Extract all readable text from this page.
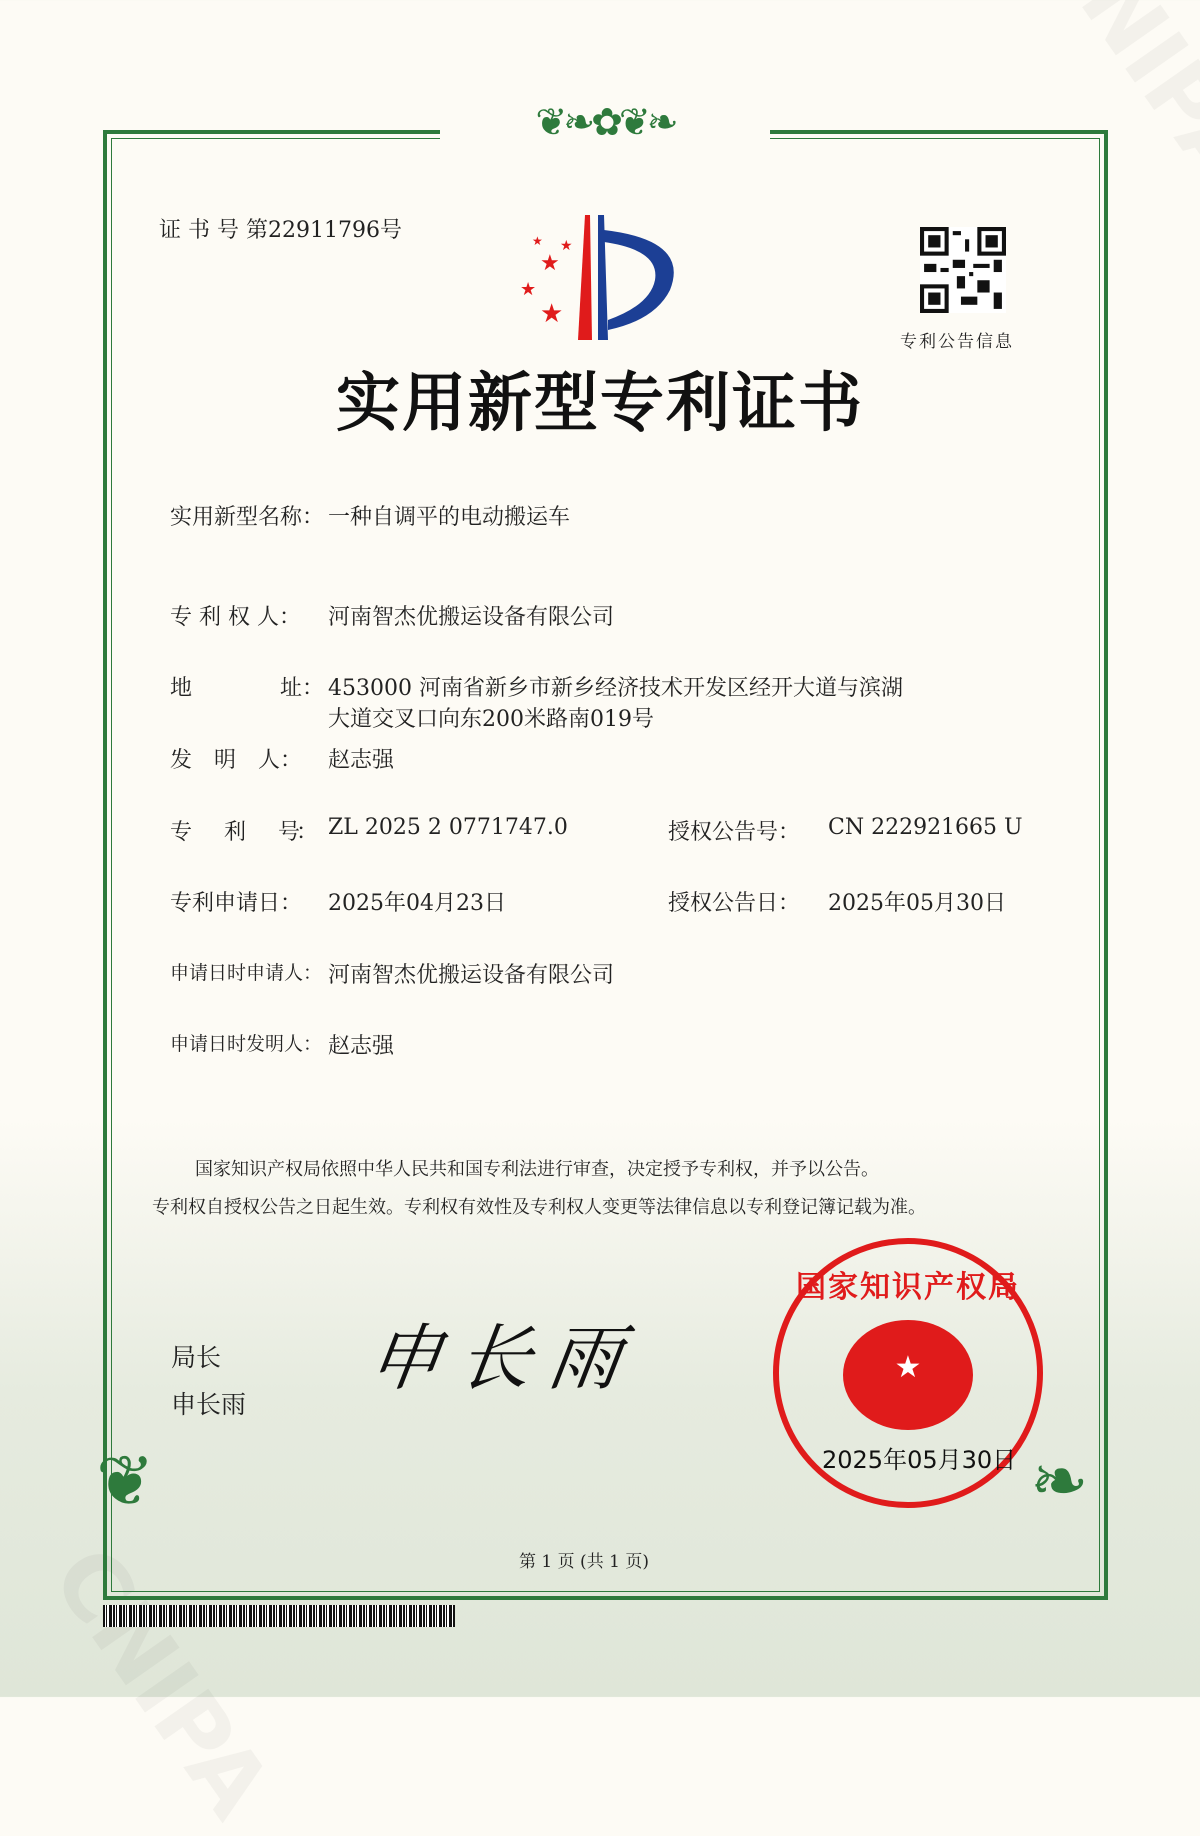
❦❧✿❦❧
❦	❧
证 书 号 第22911796号
★
★
★
★
★
专利公告信息
实用新型专利证书
实用新型名称： 一种自调平的电动搬运车
专 利 权 人： 河南智杰优搬运设备有限公司
地	址： 453000 河南省新乡市新乡经济技术开发区经开大道与滨湖
大道交叉口向东200米路南019号
发　明　人： 赵志强
专　　利　　号： ZL 2025 2 0771747.0	授权公告号： CN 222921665 U
专利申请日： 2025年04月23日	授权公告日： 2025年05月30日
申请日时申请人： 河南智杰优搬运设备有限公司
申请日时发明人： 赵志强
国家知识产权局依照中华人民共和国专利法进行审查，决定授予专利权，并予以公告。
专利权自授权公告之日起生效。专利权有效性及专利权人变更等法律信息以专利登记簿记载为准。
局长
申长雨
申长雨	★
国家知识产权局
2025年05月30日
第 1 页 (共 1 页)
